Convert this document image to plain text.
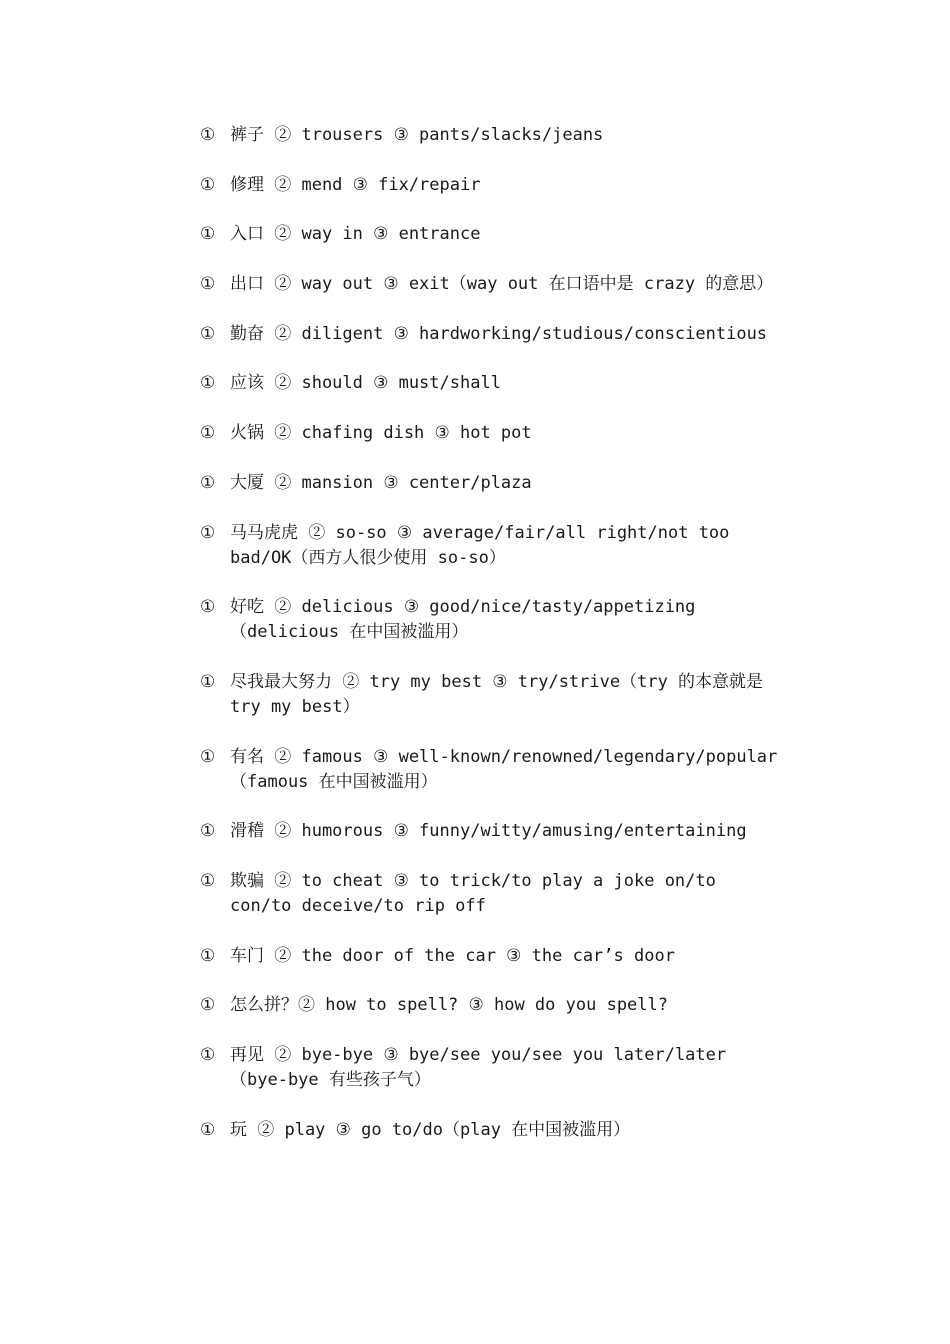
① 裤子 ② trousers ③ pants/slacks/jeans
① 修理 ② mend ③ fix/repair
① 入口 ② way in ③ entrance
① 出口 ② way out ③ exit（way out 在口语中是 crazy 的意思）
① 勤奋 ② diligent ③ hardworking/studious/conscientious
① 应该 ② should ③ must/shall
① 火锅 ② chafing dish ③ hot pot
① 大厦 ② mansion ③ center/plaza
① 马马虎虎 ② so-so ③ average/fair/all right/not too bad/OK（西方人很少使用 so-so）
① 好吃 ② delicious ③ good/nice/tasty/appetizing（delicious 在中国被滥用）
① 尽我最大努力 ② try my best ③ try/strive（try 的本意就是 try my best）
① 有名 ② famous ③ well-known/renowned/legendary/popular（famous 在中国被滥用）
① 滑稽 ② humorous ③ funny/witty/amusing/entertaining
① 欺骗 ② to cheat ③ to trick/to play a joke on/to con/to deceive/to rip off
① 车门 ② the door of the car ③ the car’s door
① 怎么拼？② how to spell? ③ how do you spell?
① 再见 ② bye-bye ③ bye/see you/see you later/later（bye-bye 有些孩子气）
① 玩 ② play ③ go to/do（play 在中国被滥用）
